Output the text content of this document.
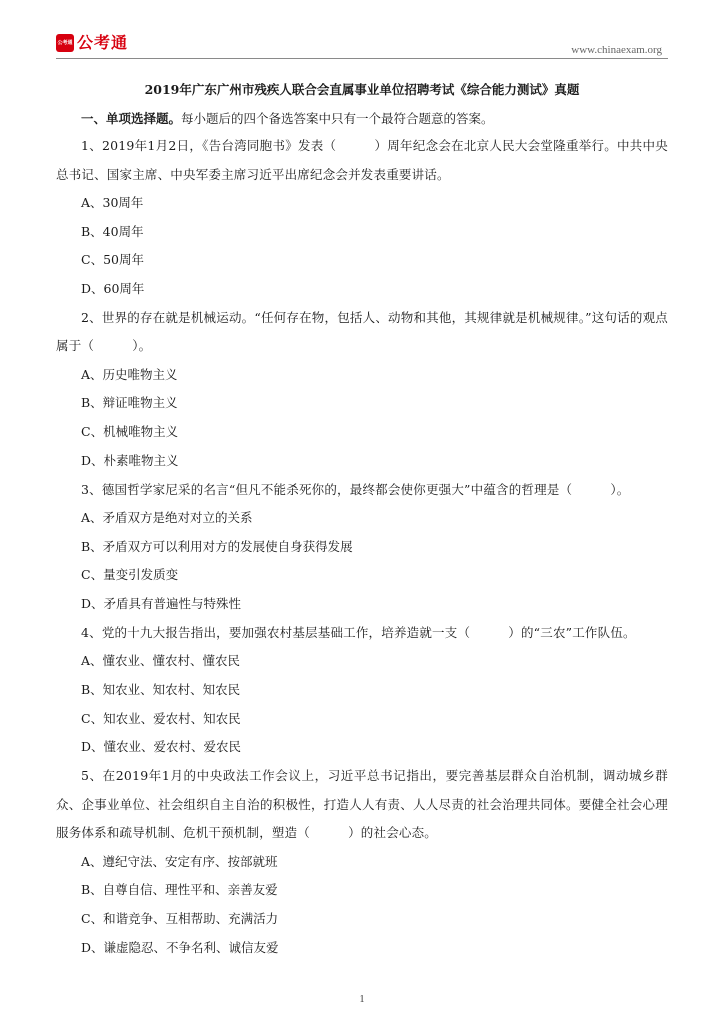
公考通 公考通	www.chinaexam.org
2019年广东广州市残疾人联合会直属事业单位招聘考试《综合能力测试》真题
一、单项选择题。每小题后的四个备选答案中只有一个最符合题意的答案。
1、2019年1月2日，《告台湾同胞书》发表（　　　）周年纪念会在北京人民大会堂隆重举行。中共中央总书记、国家主席、中央军委主席习近平出席纪念会并发表重要讲话。
A、30周年
B、40周年
C、50周年
D、60周年
2、世界的存在就是机械运动。“任何存在物，包括人、动物和其他，其规律就是机械规律。”这句话的观点属于（　　　）。
A、历史唯物主义
B、辩证唯物主义
C、机械唯物主义
D、朴素唯物主义
3、德国哲学家尼采的名言“但凡不能杀死你的，最终都会使你更强大”中蕴含的哲理是（　　　）。
A、矛盾双方是绝对对立的关系
B、矛盾双方可以利用对方的发展使自身获得发展
C、量变引发质变
D、矛盾具有普遍性与特殊性
4、党的十九大报告指出，要加强农村基层基础工作，培养造就一支（　　　）的“三农”工作队伍。
A、懂农业、懂农村、懂农民
B、知农业、知农村、知农民
C、知农业、爱农村、知农民
D、懂农业、爱农村、爱农民
5、在2019年1月的中央政法工作会议上，习近平总书记指出，要完善基层群众自治机制，调动城乡群众、企事业单位、社会组织自主自治的积极性，打造人人有责、人人尽责的社会治理共同体。要健全社会心理服务体系和疏导机制、危机干预机制，塑造（　　　）的社会心态。
A、遵纪守法、安定有序、按部就班
B、自尊自信、理性平和、亲善友爱
C、和谐竞争、互相帮助、充满活力
D、谦虚隐忍、不争名利、诚信友爱
1
